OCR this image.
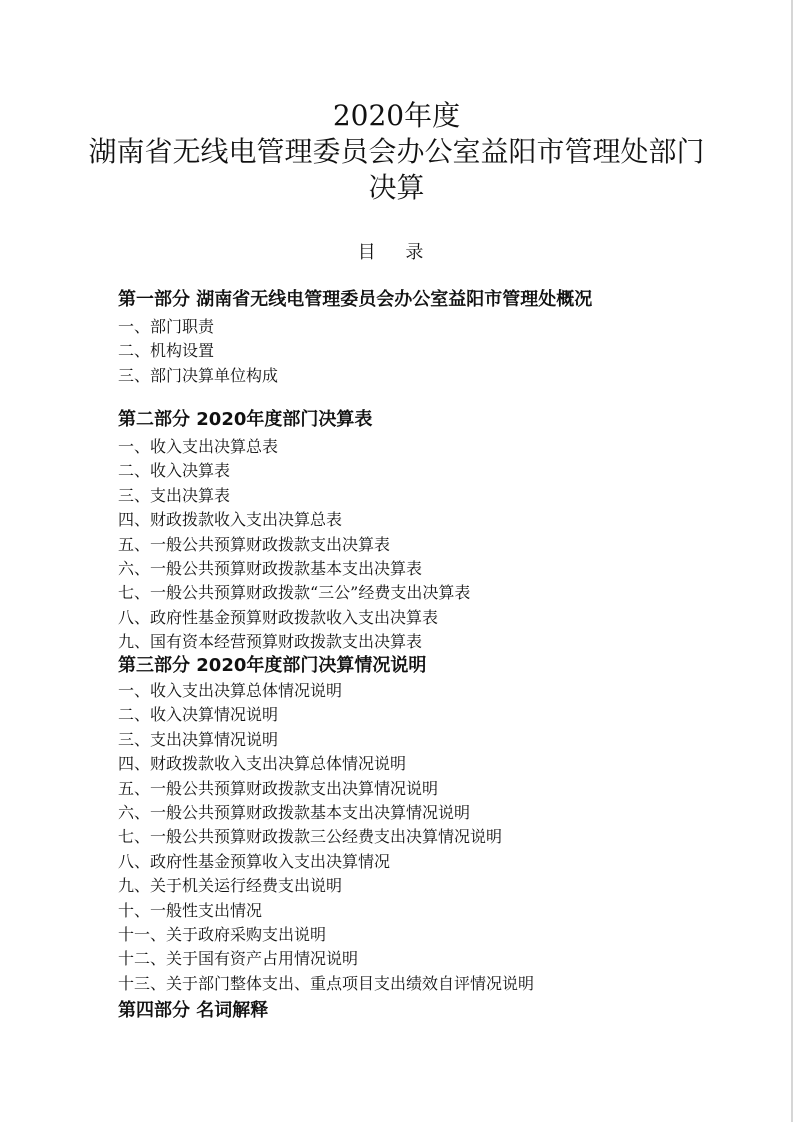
2020年度
湖南省无线电管理委员会办公室益阳市管理处部门
决算
目 录
第一部分 湖南省无线电管理委员会办公室益阳市管理处概况
一、部门职责
二、机构设置
三、部门决算单位构成
第二部分 2020年度部门决算表
一、收入支出决算总表
二、收入决算表
三、支出决算表
四、财政拨款收入支出决算总表
五、一般公共预算财政拨款支出决算表
六、一般公共预算财政拨款基本支出决算表
七、一般公共预算财政拨款“三公”经费支出决算表
八、政府性基金预算财政拨款收入支出决算表
九、国有资本经营预算财政拨款支出决算表
第三部分 2020年度部门决算情况说明
一、收入支出决算总体情况说明
二、收入决算情况说明
三、支出决算情况说明
四、财政拨款收入支出决算总体情况说明
五、一般公共预算财政拨款支出决算情况说明
六、一般公共预算财政拨款基本支出决算情况说明
七、一般公共预算财政拨款三公经费支出决算情况说明
八、政府性基金预算收入支出决算情况
九、关于机关运行经费支出说明
十、一般性支出情况
十一、关于政府采购支出说明
十二、关于国有资产占用情况说明
十三、关于部门整体支出、重点项目支出绩效自评情况说明
第四部分 名词解释
